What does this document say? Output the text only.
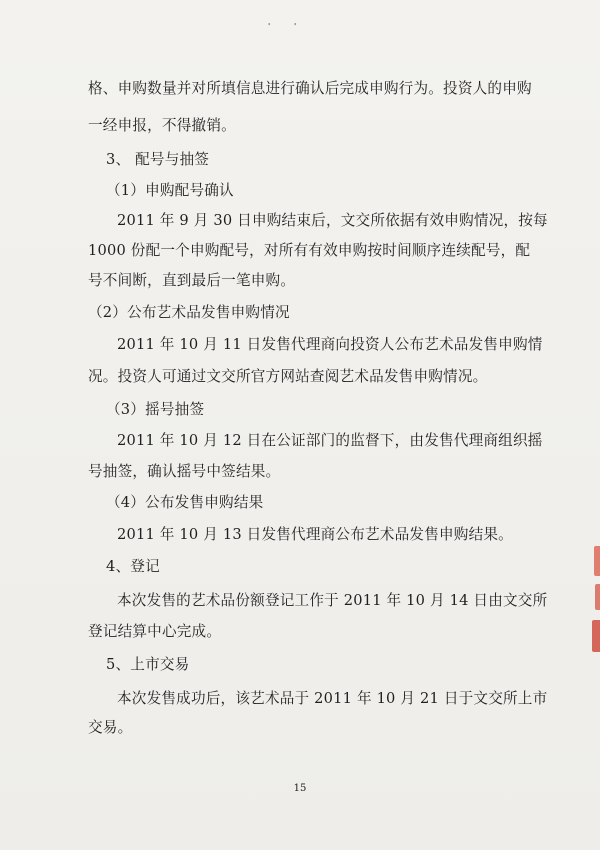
'	'
格、申购数量并对所填信息进行确认后完成申购行为。投资人的申购
一经申报，不得撤销。
3、 配号与抽签
（1）申购配号确认
2011 年 9 月 30 日申购结束后，文交所依据有效申购情况，按每
1000 份配一个申购配号，对所有有效申购按时间顺序连续配号，配
号不间断，直到最后一笔申购。
（2）公布艺术品发售申购情况
2011 年 10 月 11 日发售代理商向投资人公布艺术品发售申购情
况。投资人可通过文交所官方网站查阅艺术品发售申购情况。
（3）摇号抽签
2011 年 10 月 12 日在公证部门的监督下，由发售代理商组织摇
号抽签，确认摇号中签结果。
（4）公布发售申购结果
2011 年 10 月 13 日发售代理商公布艺术品发售申购结果。
4、登记
本次发售的艺术品份额登记工作于 2011 年 10 月 14 日由文交所
登记结算中心完成。
5、上市交易
本次发售成功后，该艺术品于 2011 年 10 月 21 日于文交所上市
交易。
15
